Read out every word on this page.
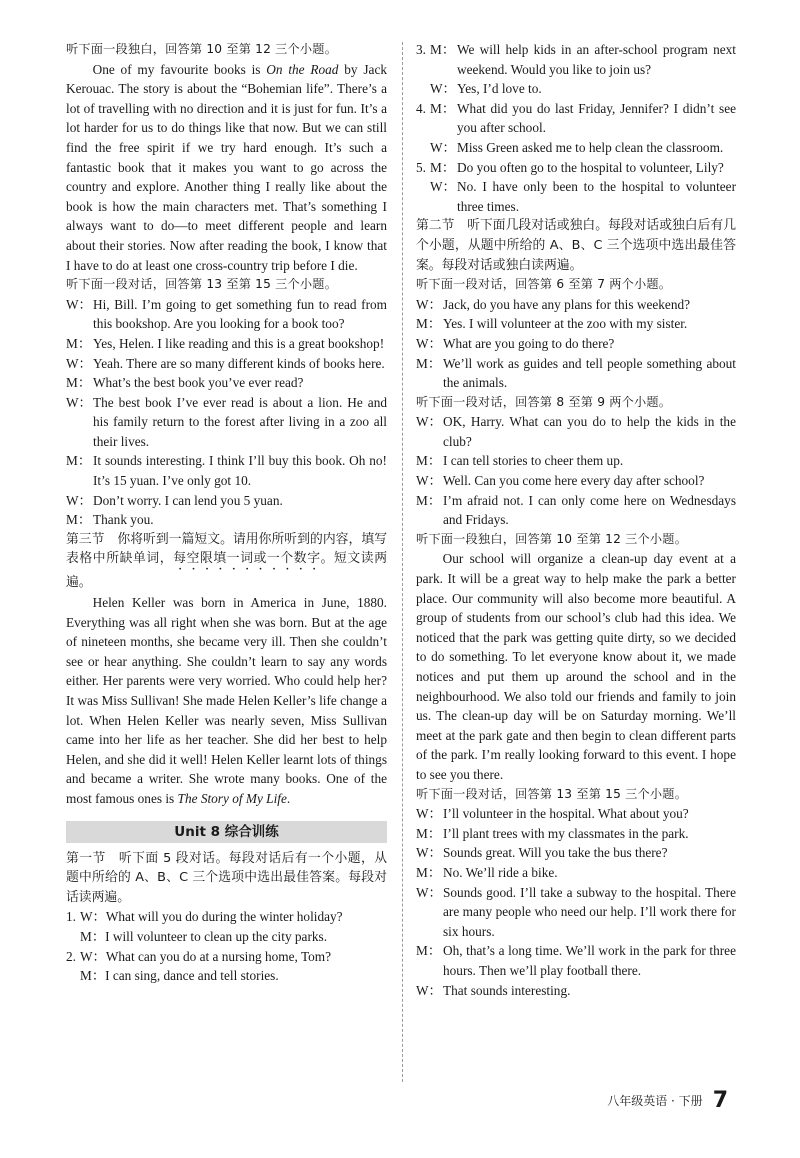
听下面一段独白，回答第 10 至第 12 三个小题。

One of my favourite books is On the Road by Jack Kerouac. The story is about the “Bohemian life”. There’s a lot of travelling with no direction and it is just for fun. It’s a lot harder for us to do things like that now. But we can still find the free spirit if we try hard enough. It’s such a fantastic book that it makes you want to go across the country and explore. Another thing I really like about the book is how the main characters met. That’s something I always want to do—to meet different people and learn about their stories. Now after reading the book, I know that I have to do at least one cross-country trip before I die.

听下面一段对话，回答第 13 至第 15 三个小题。
W： Hi, Bill. I’m going to get something fun to read from this bookshop. Are you looking for a book too?
M： Yes, Helen. I like reading and this is a great bookshop!
W： Yeah. There are so many different kinds of books here.
M： What’s the best book you’ve ever read?
W： The best book I’ve ever read is about a lion. He and his family return to the forest after living in a zoo all their lives.
M： It sounds interesting. I think I’ll buy this book. Oh no! It’s 15 yuan. I’ve only got 10.
W： Don’t worry. I can lend you 5 yuan.
M： Thank you.
第三节　你将听到一篇短文。请用你所听到的内容，填写表格中所缺单词，每空限填一词或一个数字。短文读两遍。

Helen Keller was born in America in June, 1880. Everything was all right when she was born. But at the age of nineteen months, she became very ill. Then she couldn’t see or hear anything. She couldn’t learn to say any words either. Her parents were very worried. Who could help her? It was Miss Sullivan! She made Helen Keller’s life change a lot. When Helen Keller was nearly seven, Miss Sullivan came into her life as her teacher. She did her best to help Helen, and she did it well! Helen Keller learnt lots of things and became a writer. She wrote many books. One of the most famous ones is The Story of My Life.

Unit 8 综合训练
第一节　听下面 5 段对话。每段对话后有一个小题，从题中所给的 A、B、C 三个选项中选出最佳答案。每段对话读两遍。
1. W：What will you do during the winter holiday?
M：I will volunteer to clean up the city parks.
2. W：What can you do at a nursing home, Tom?
M：I can sing, dance and tell stories.
3. M： We will help kids in an after-school program next weekend. Would you like to join us?
W： Yes, I’d love to.
4. M： What did you do last Friday, Jennifer? I didn’t see you after school.
W： Miss Green asked me to help clean the classroom.
5. M： Do you often go to the hospital to volunteer, Lily?
W： No. I have only been to the hospital to volunteer three times.
第二节　听下面几段对话或独白。每段对话或独白后有几个小题，从题中所给的 A、B、C 三个选项中选出最佳答案。每段对话或独白读两遍。
听下面一段对话，回答第 6 至第 7 两个小题。
W： Jack, do you have any plans for this weekend?
M： Yes. I will volunteer at the zoo with my sister.
W： What are you going to do there?
M： We’ll work as guides and tell people something about the animals.
听下面一段对话，回答第 8 至第 9 两个小题。
W： OK, Harry. What can you do to help the kids in the club?
M： I can tell stories to cheer them up.
W： Well. Can you come here every day after school?
M： I’m afraid not. I can only come here on Wednesdays and Fridays.
听下面一段独白，回答第 10 至第 12 三个小题。

Our school will organize a clean-up day event at a park. It will be a great way to help make the park a better place. Our community will also become more beautiful. A group of students from our school’s club had this idea. We noticed that the park was getting quite dirty, so we decided to do something. To let everyone know about it, we made notices and put them up around the school and in the neighbourhood. We also told our friends and family to join us. The clean-up day will be on Saturday morning. We’ll meet at the park gate and then begin to clean different parts of the park. I’m really looking forward to this event. I hope to see you there.

听下面一段对话，回答第 13 至第 15 三个小题。
W： I’ll volunteer in the hospital. What about you?
M： I’ll plant trees with my classmates in the park.
W： Sounds great. Will you take the bus there?
M： No. We’ll ride a bike.
W： Sounds good. I’ll take a subway to the hospital. There are many people who need our help. I’ll work there for six hours.
M： Oh, that’s a long time. We’ll work in the park for three hours. Then we’ll play football there.
W： That sounds interesting.
八年级英语 · 下册 7
